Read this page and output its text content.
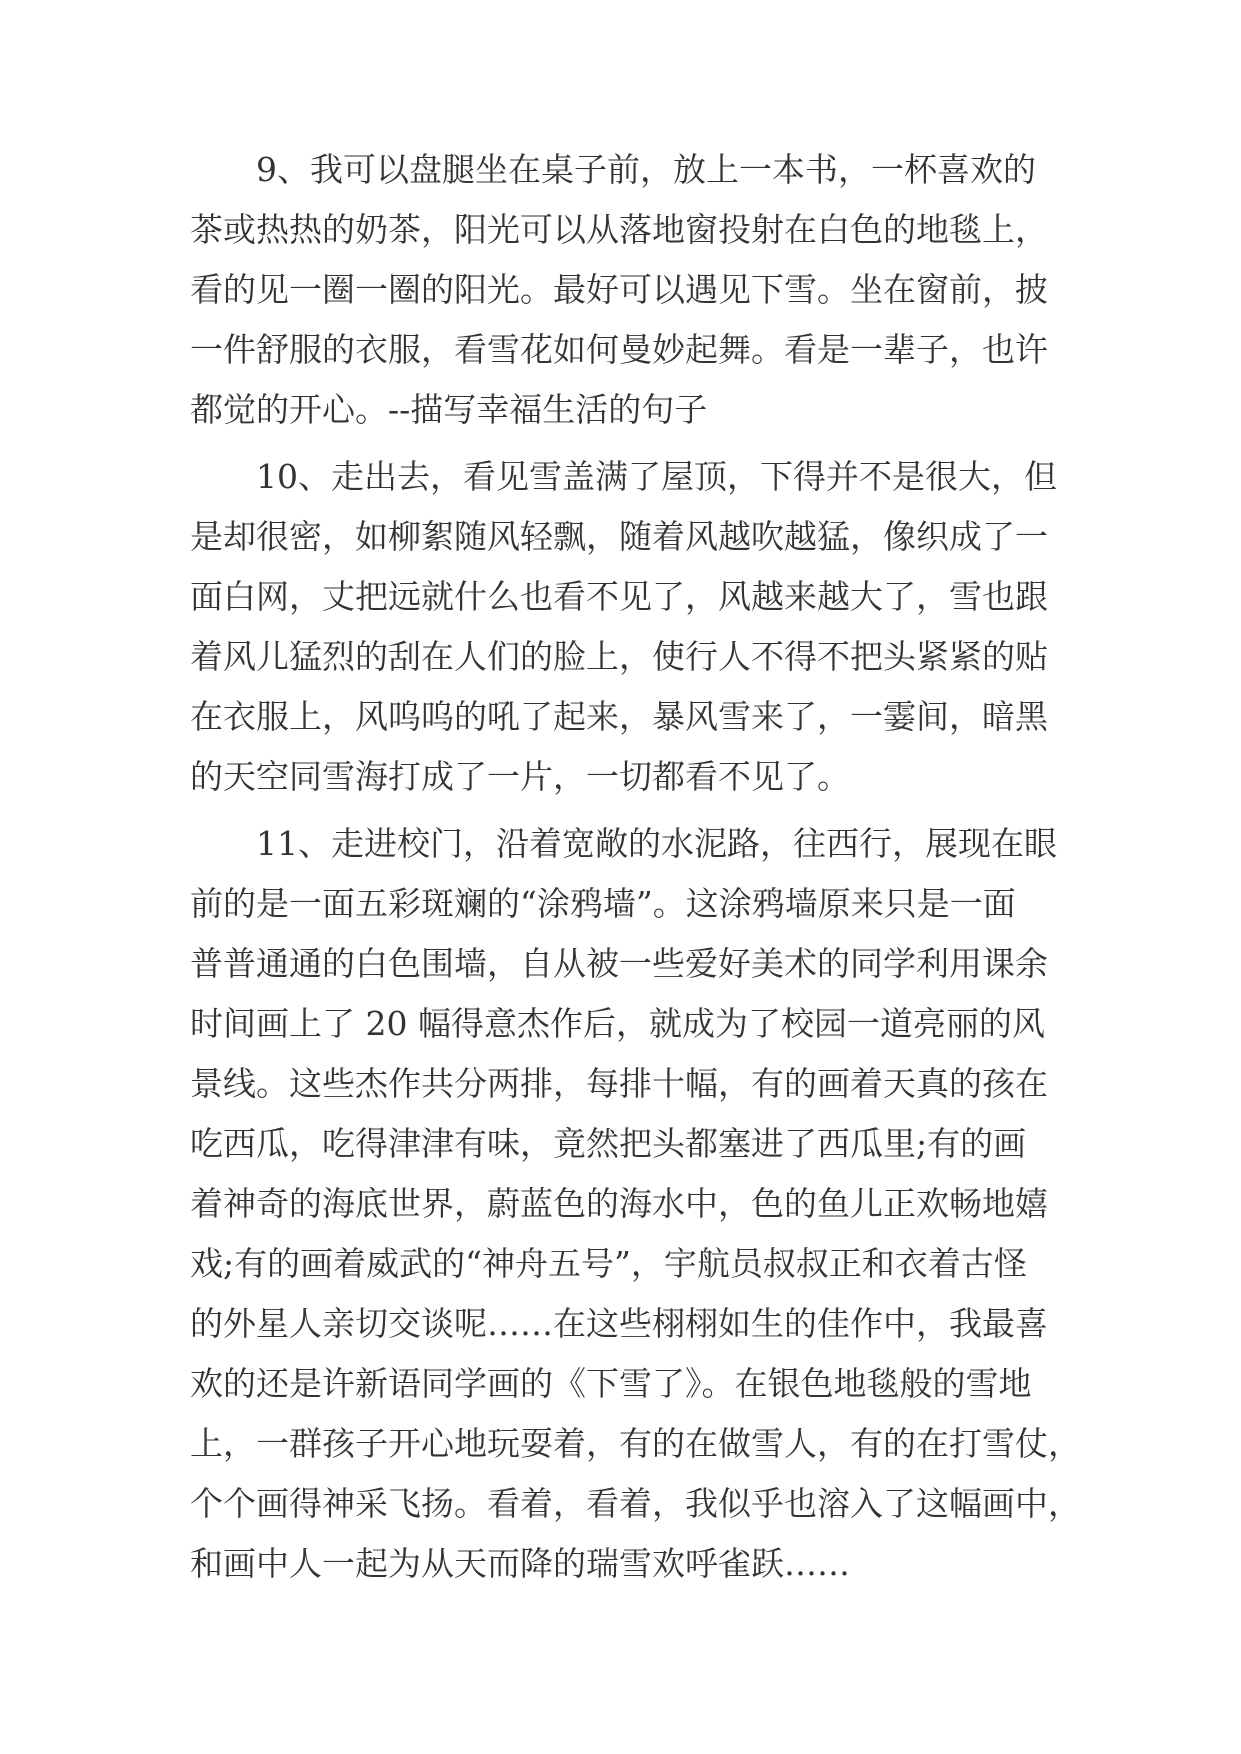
9、我可以盘腿坐在桌子前，放上一本书，一杯喜欢的

茶或热热的奶茶，阳光可以从落地窗投射在白色的地毯上，

看的见一圈一圈的阳光。最好可以遇见下雪。坐在窗前，披

一件舒服的衣服，看雪花如何曼妙起舞。看是一辈子，也许

都觉的开心。--描写幸福生活的句子

10、走出去，看见雪盖满了屋顶，下得并不是很大，但

是却很密，如柳絮随风轻飘，随着风越吹越猛，像织成了一

面白网，丈把远就什么也看不见了，风越来越大了，雪也跟

着风儿猛烈的刮在人们的脸上，使行人不得不把头紧紧的贴

在衣服上，风呜呜的吼了起来，暴风雪来了，一霎间，暗黑

的天空同雪海打成了一片，一切都看不见了。

11、走进校门，沿着宽敞的水泥路，往西行，展现在眼

前的是一面五彩斑斓的“涂鸦墙”。这涂鸦墙原来只是一面

普普通通的白色围墙，自从被一些爱好美术的同学利用课余

时间画上了 20 幅得意杰作后，就成为了校园一道亮丽的风

景线。这些杰作共分两排，每排十幅，有的画着天真的孩在

吃西瓜，吃得津津有味，竟然把头都塞进了西瓜里;有的画

着神奇的海底世界，蔚蓝色的海水中，色的鱼儿正欢畅地嬉

戏;有的画着威武的“神舟五号”，宇航员叔叔正和衣着古怪

的外星人亲切交谈呢……在这些栩栩如生的佳作中，我最喜

欢的还是许新语同学画的《下雪了》。在银色地毯般的雪地

上，一群孩子开心地玩耍着，有的在做雪人，有的在打雪仗，

个个画得神采飞扬。看着，看着，我似乎也溶入了这幅画中，

和画中人一起为从天而降的瑞雪欢呼雀跃……
